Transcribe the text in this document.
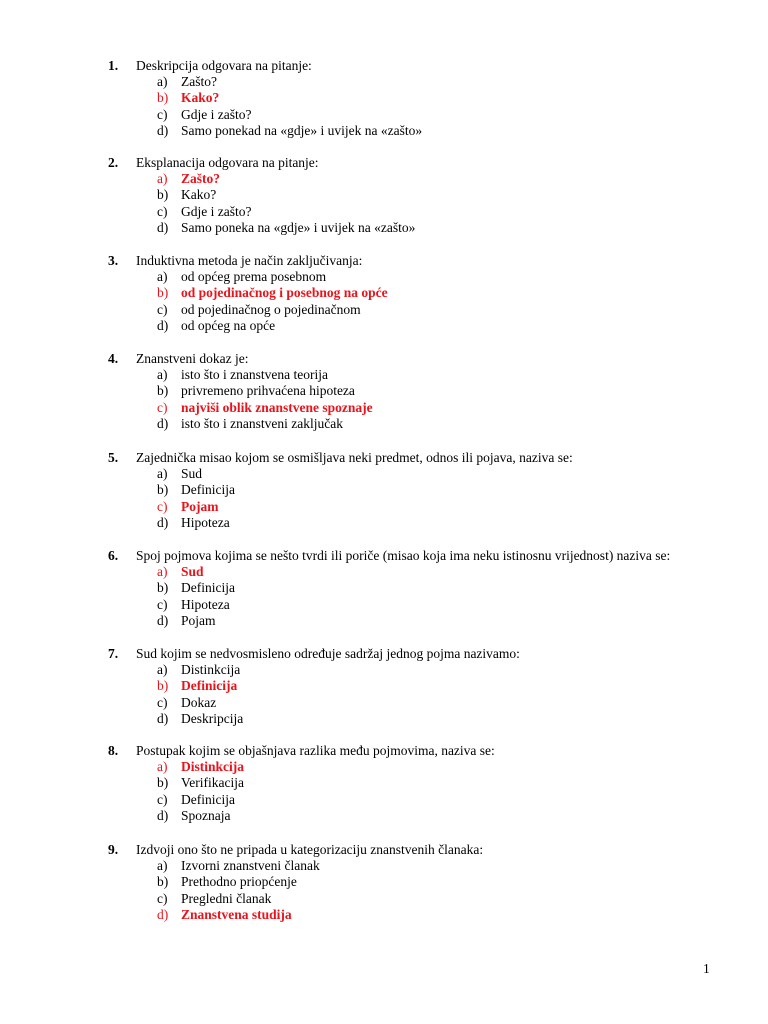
1.	Deskripcija odgovara na pitanje:
a) Zašto?
b) Kako?
c) Gdje i zašto?
d) Samo ponekad na «gdje» i uvijek na «zašto»
2.	Eksplanacija odgovara na pitanje:
a) Zašto?
b) Kako?
c) Gdje i zašto?
d) Samo poneka na «gdje» i uvijek na «zašto»
3.	Induktivna metoda je način zaključivanja:
a) od općeg prema posebnom
b) od pojedinačnog i posebnog na opće
c) od pojedinačnog o pojedinačnom
d) od općeg na opće
4.	Znanstveni dokaz je:
a) isto što i znanstvena teorija
b) privremeno prihvaćena hipoteza
c) najviši oblik znanstvene spoznaje
d) isto što i znanstveni zaključak
5.	Zajednička misao kojom se osmišljava neki predmet, odnos ili pojava, naziva se:
a) Sud
b) Definicija
c) Pojam
d) Hipoteza
6.	Spoj pojmova kojima se nešto tvrdi ili poriče (misao koja ima neku istinosnu vrijednost) naziva se:
a) Sud
b) Definicija
c) Hipoteza
d) Pojam
7.	Sud kojim se nedvosmisleno određuje sadržaj jednog pojma nazivamo:
a) Distinkcija
b) Definicija
c) Dokaz
d) Deskripcija
8.	Postupak kojim se objašnjava razlika među pojmovima, naziva se:
a) Distinkcija
b) Verifikacija
c) Definicija
d) Spoznaja
9.	Izdvoji ono što ne pripada u kategorizaciju znanstvenih članaka:
a) Izvorni znanstveni članak
b) Prethodno priopćenje
c) Pregledni članak
d) Znanstvena studija
1
